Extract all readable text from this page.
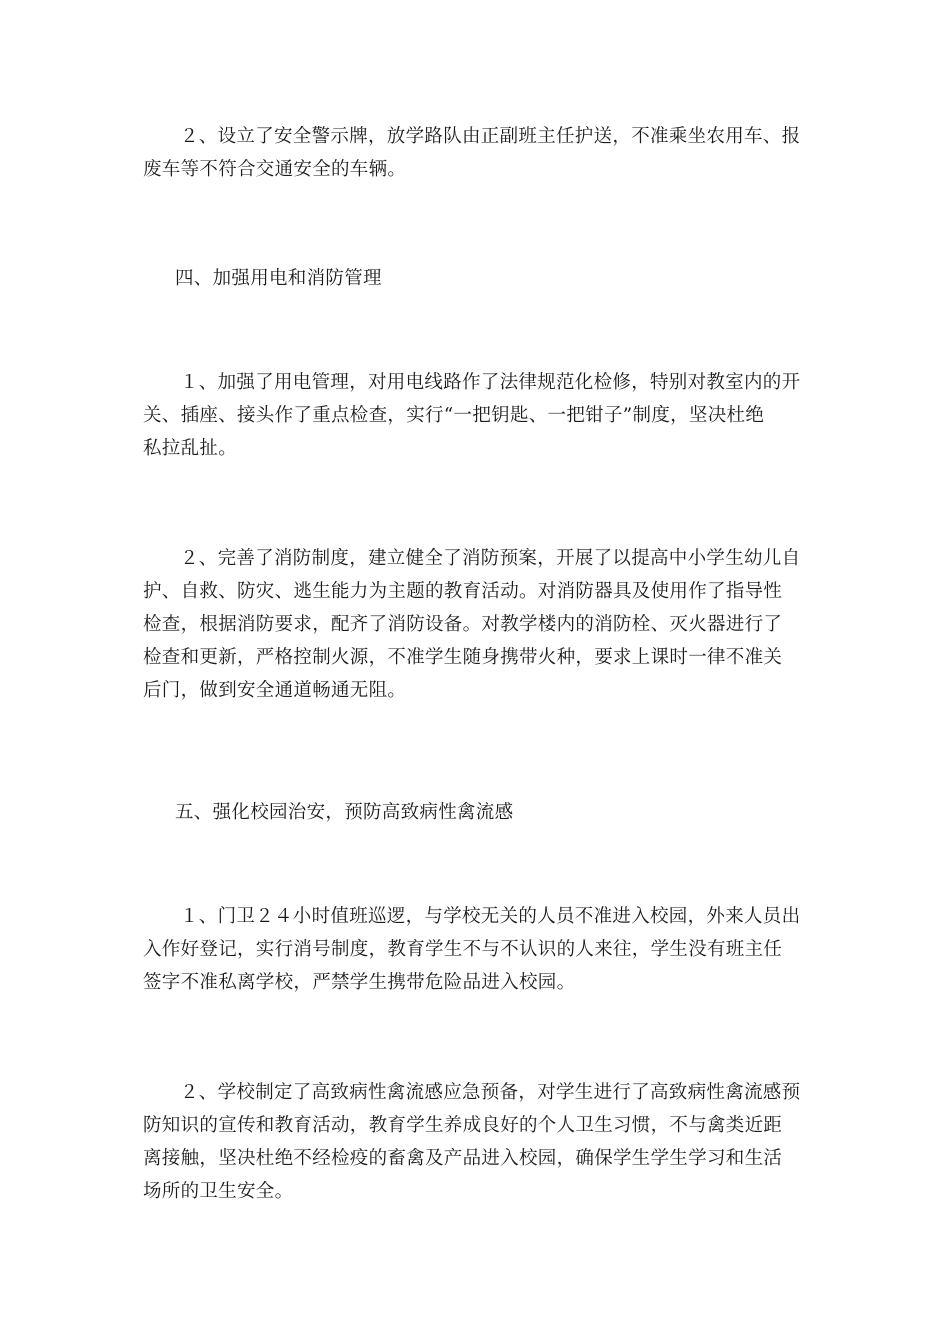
２、设立了安全警示牌，放学路队由正副班主任护送，不准乘坐农用车、报
废车等不符合交通安全的车辆。

四、加强用电和消防管理

１、加强了用电管理，对用电线路作了法律规范化检修，特别对教室内的开
关、插座、接头作了重点检查，实行“一把钥匙、一把钳子”制度，坚决杜绝
私拉乱扯。

２、完善了消防制度，建立健全了消防预案，开展了以提高中小学生幼儿自
护、自救、防灾、逃生能力为主题的教育活动。对消防器具及使用作了指导性
检查，根据消防要求，配齐了消防设备。对教学楼内的消防栓、灭火器进行了
检查和更新，严格控制火源，不准学生随身携带火种，要求上课时一律不准关
后门，做到安全通道畅通无阻。

五、强化校园治安，预防高致病性禽流感

１、门卫２４小时值班巡逻，与学校无关的人员不准进入校园，外来人员出
入作好登记，实行消号制度，教育学生不与不认识的人来往，学生没有班主任
签字不准私离学校，严禁学生携带危险品进入校园。

２、学校制定了高致病性禽流感应急预备，对学生进行了高致病性禽流感预
防知识的宣传和教育活动，教育学生养成良好的个人卫生习惯，不与禽类近距
离接触，坚决杜绝不经检疫的畜禽及产品进入校园，确保学生学生学习和生活
场所的卫生安全。
